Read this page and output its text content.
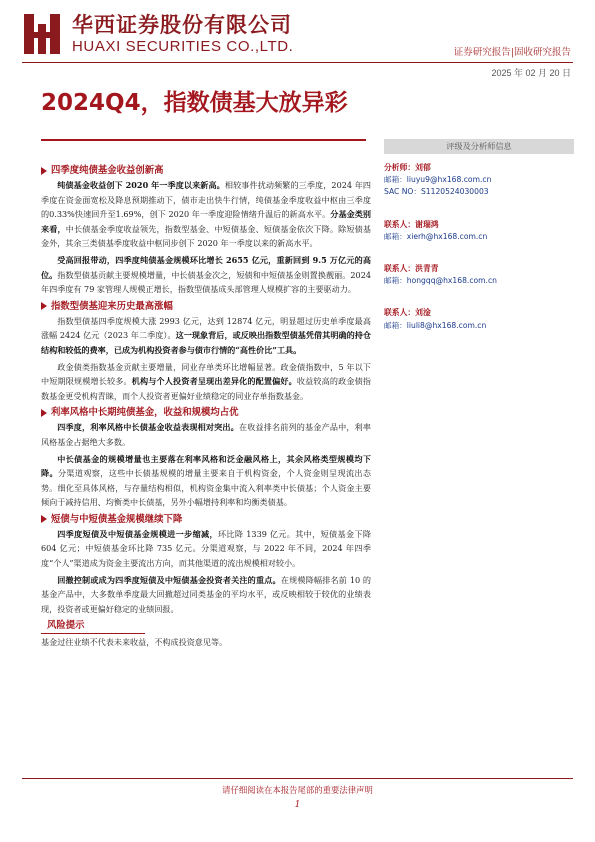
华西证券股份有限公司
HUAXI SECURITIES CO.,LTD.	证券研究报告|固收研究报告
2025 年 02 月 20 日
2024Q4，指数债基大放异彩
四季度纯债基金收益创新高

纯债基金收益创下 2020 年一季度以来新高。相较事件扰动频繁的三季度，2024 年四季度在资金面宽松及降息预期推动下，债市走出快牛行情，纯债基金季度收益中枢由三季度的0.33%快速回升至1.69%，创下 2020 年一季度迎险情绪升温后的新高水平。分基金类别来看，中长债基金季度收益领先，指数型基金、中短债基金、短债基金依次下降。除短债基金外，其余三类债基季度收益中枢同步创下 2020 年一季度以来的新高水平。

受高回报带动，四季度纯债基金规模环比增长 2655 亿元，重新回到 9.5 万亿元的高位。指数型债基贡献主要规模增量，中长债基金次之，短债和中短债基金则置换靓丽。2024 年四季度有 79 家管理人规模正增长，指数型债基成头部管理人规模扩容的主要驱动力。

指数型债基迎来历史最高涨幅

指数型债基四季度规模大涨 2993 亿元，达到 12874 亿元，明显超过历史单季度最高涨幅 2424 亿元（2023 年二季度）。这一现象背后，或反映出指数型债基凭借其明确的持仓结构和较低的费率，已成为机构投资者参与债市行情的“高性价比”工具。

政金债类指数基金贡献主要增量，同业存单类环比增幅显著。政金债指数中，5 年以下中短期限规模增长较多。机构与个人投资者呈现出差异化的配置偏好。收益较高的政金债指数基金更受机构青睐，而个人投资者更偏好业绩稳定的同业存单指数基金。

利率风格中长期纯债基金，收益和规模均占优

四季度，利率风格中长债基金收益表现相对突出。在收益排名前列的基金产品中，利率风格基金占据绝大多数。

中长债基金的规模增量也主要落在利率风格和泛金融风格上，其余风格类型规模均下降。分渠道观察，这些中长债基规模的增量主要来自于机构资金，个人资金则呈现流出态势。细化至具体风格，与存量结构相似，机构资金集中流入利率类中长债基；个人资金主要倾向于减持信用、均衡类中长债基，另外小幅增持利率和均衡类债基。

短债与中短债基金规模继续下降

四季度短债及中短债基金规模进一步缩减，环比降 1339 亿元。其中，短债基金下降 604 亿元；中短债基金环比降 735 亿元。分渠道观察，与 2022 年不同，2024 年四季度“个人”渠道成为资金主要流出方向，而其他渠道的流出规模相对较小。

回撤控制或成为四季度短债及中短债基金投资者关注的重点。在规模降幅排名前 10 的基金产品中，大多数单季度最大回撤超过同类基金的平均水平，或反映相较于较优的业绩表现，投资者或更偏好稳定的业绩回报。

风险提示

基金过往业绩不代表未来收益，不构成投资意见等。

评级及分析师信息
分析师：刘郁
邮箱：liuyu9@hx168.com.cn
SAC NO：S1120524030003
联系人：谢瑞鸿
邮箱：xierh@hx168.com.cn
联系人：洪青青
邮箱：hongqq@hx168.com.cn
联系人：刘淦
邮箱：liuli8@hx168.com.cn
请仔细阅读在本报告尾部的重要法律声明
1
